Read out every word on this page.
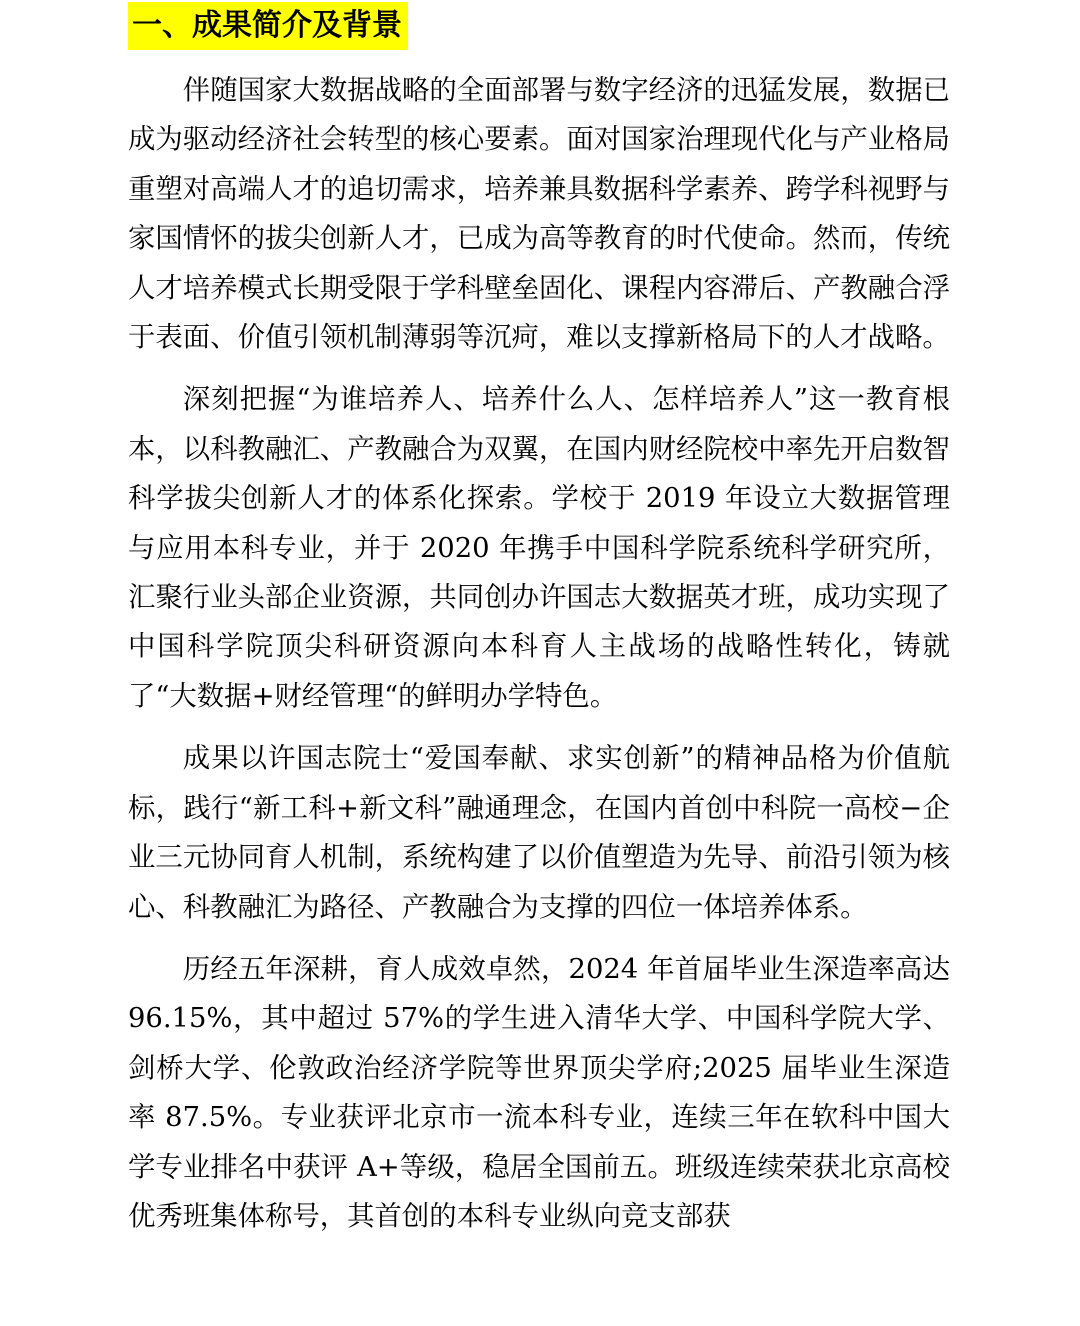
一、成果简介及背景

伴随国家大数据战略的全面部署与数字经济的迅猛发展，数据已成为驱动经济社会转型的核心要素。面对国家治理现代化与产业格局重塑对高端人才的追切需求，培养兼具数据科学素养、跨学科视野与家国情怀的拔尖创新人才，已成为高等教育的时代使命。然而，传统人才培养模式长期受限于学科壁垒固化、课程内容滞后、产教融合浮于表面、价值引领机制薄弱等沉疴，难以支撑新格局下的人才战略。

深刻把握“为谁培养人、培养什么人、怎样培养人”这一教育根本，以科教融汇、产教融合为双翼，在国内财经院校中率先开启数智科学拔尖创新人才的体系化探索。学校于 2019 年设立大数据管理与应用本科专业，并于 2020 年携手中国科学院系统科学研究所，汇聚行业头部企业资源，共同创办许国志大数据英才班，成功实现了中国科学院顶尖科研资源向本科育人主战场的战略性转化，铸就了“大数据+财经管理“的鲜明办学特色。

成果以许国志院士“爱国奉献、求实创新”的精神品格为价值航标，践行“新工科+新文科”融通理念，在国内首创中科院一高校−企业三元协同育人机制，系统构建了以价值塑造为先导、前沿引领为核心、科教融汇为路径、产教融合为支撑的四位一体培养体系。

历经五年深耕，育人成效卓然，2024 年首届毕业生深造率高达 96.15%，其中超过 57%的学生进入清华大学、中国科学院大学、剑桥大学、伦敦政治经济学院等世界顶尖学府;2025 届毕业生深造率 87.5%。专业获评北京市一流本科专业，连续三年在软科中国大学专业排名中获评 A+等级，稳居全国前五。班级连续荣获北京高校优秀班集体称号，其首创的本科专业纵向竞支部获
